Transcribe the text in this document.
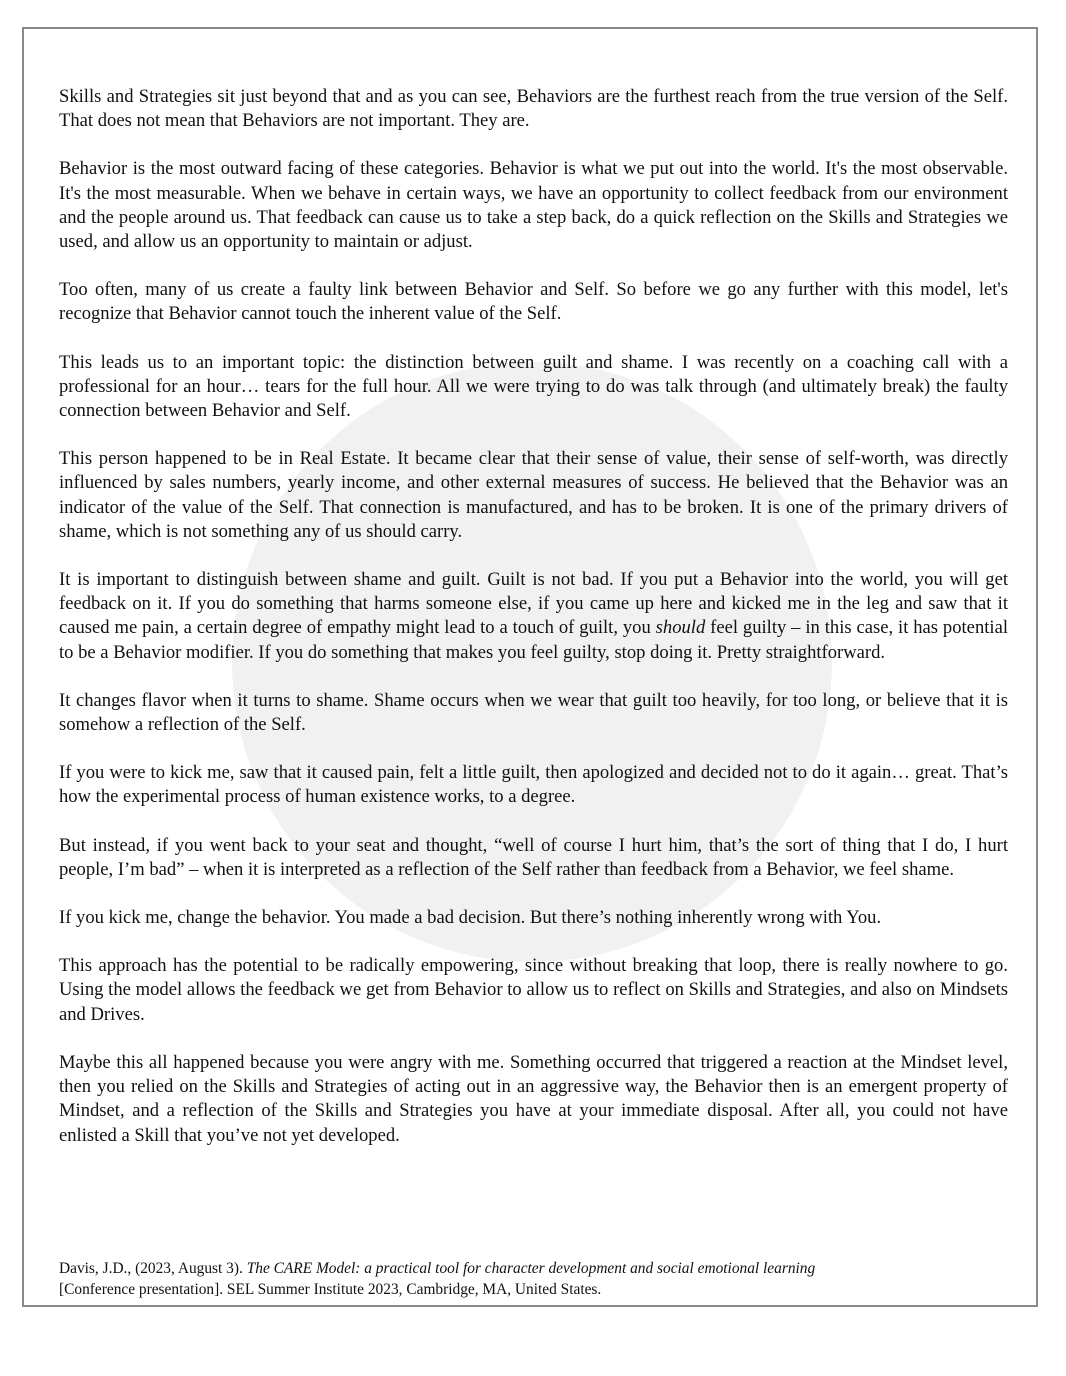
Skills and Strategies sit just beyond that and as you can see, Behaviors are the furthest reach from the true version of the Self. That does not mean that Behaviors are not important. They are.

Behavior is the most outward facing of these categories. Behavior is what we put out into the world. It's the most observable. It's the most measurable. When we behave in certain ways, we have an opportunity to collect feedback from our environment and the people around us. That feedback can cause us to take a step back, do a quick reflection on the Skills and Strategies we used, and allow us an opportunity to maintain or adjust.

Too often, many of us create a faulty link between Behavior and Self. So before we go any further with this model, let's recognize that Behavior cannot touch the inherent value of the Self.

This leads us to an important topic: the distinction between guilt and shame. I was recently on a coaching call with a professional for an hour… tears for the full hour. All we were trying to do was talk through (and ultimately break) the faulty connection between Behavior and Self.

This person happened to be in Real Estate. It became clear that their sense of value, their sense of self-worth, was directly influenced by sales numbers, yearly income, and other external measures of success. He believed that the Behavior was an indicator of the value of the Self. That connection is manufactured, and has to be broken. It is one of the primary drivers of shame, which is not something any of us should carry.

It is important to distinguish between shame and guilt. Guilt is not bad. If you put a Behavior into the world, you will get feedback on it. If you do something that harms someone else, if you came up here and kicked me in the leg and saw that it caused me pain, a certain degree of empathy might lead to a touch of guilt, you should feel guilty – in this case, it has potential to be a Behavior modifier. If you do something that makes you feel guilty, stop doing it. Pretty straightforward.

It changes flavor when it turns to shame. Shame occurs when we wear that guilt too heavily, for too long, or believe that it is somehow a reflection of the Self.

If you were to kick me, saw that it caused pain, felt a little guilt, then apologized and decided not to do it again… great. That’s how the experimental process of human existence works, to a degree.

But instead, if you went back to your seat and thought, “well of course I hurt him, that’s the sort of thing that I do, I hurt people, I’m bad” – when it is interpreted as a reflection of the Self rather than feedback from a Behavior, we feel shame.

If you kick me, change the behavior. You made a bad decision. But there’s nothing inherently wrong with You.

This approach has the potential to be radically empowering, since without breaking that loop, there is really nowhere to go. Using the model allows the feedback we get from Behavior to allow us to reflect on Skills and Strategies, and also on Mindsets and Drives.

Maybe this all happened because you were angry with me. Something occurred that triggered a reaction at the Mindset level, then you relied on the Skills and Strategies of acting out in an aggressive way, the Behavior then is an emergent property of Mindset, and a reflection of the Skills and Strategies you have at your immediate disposal. After all, you could not have enlisted a Skill that you’ve not yet developed.

Davis, J.D., (2023, August 3). The CARE Model: a practical tool for character development and social emotional learning
[Conference presentation]. SEL Summer Institute 2023, Cambridge, MA, United States.
